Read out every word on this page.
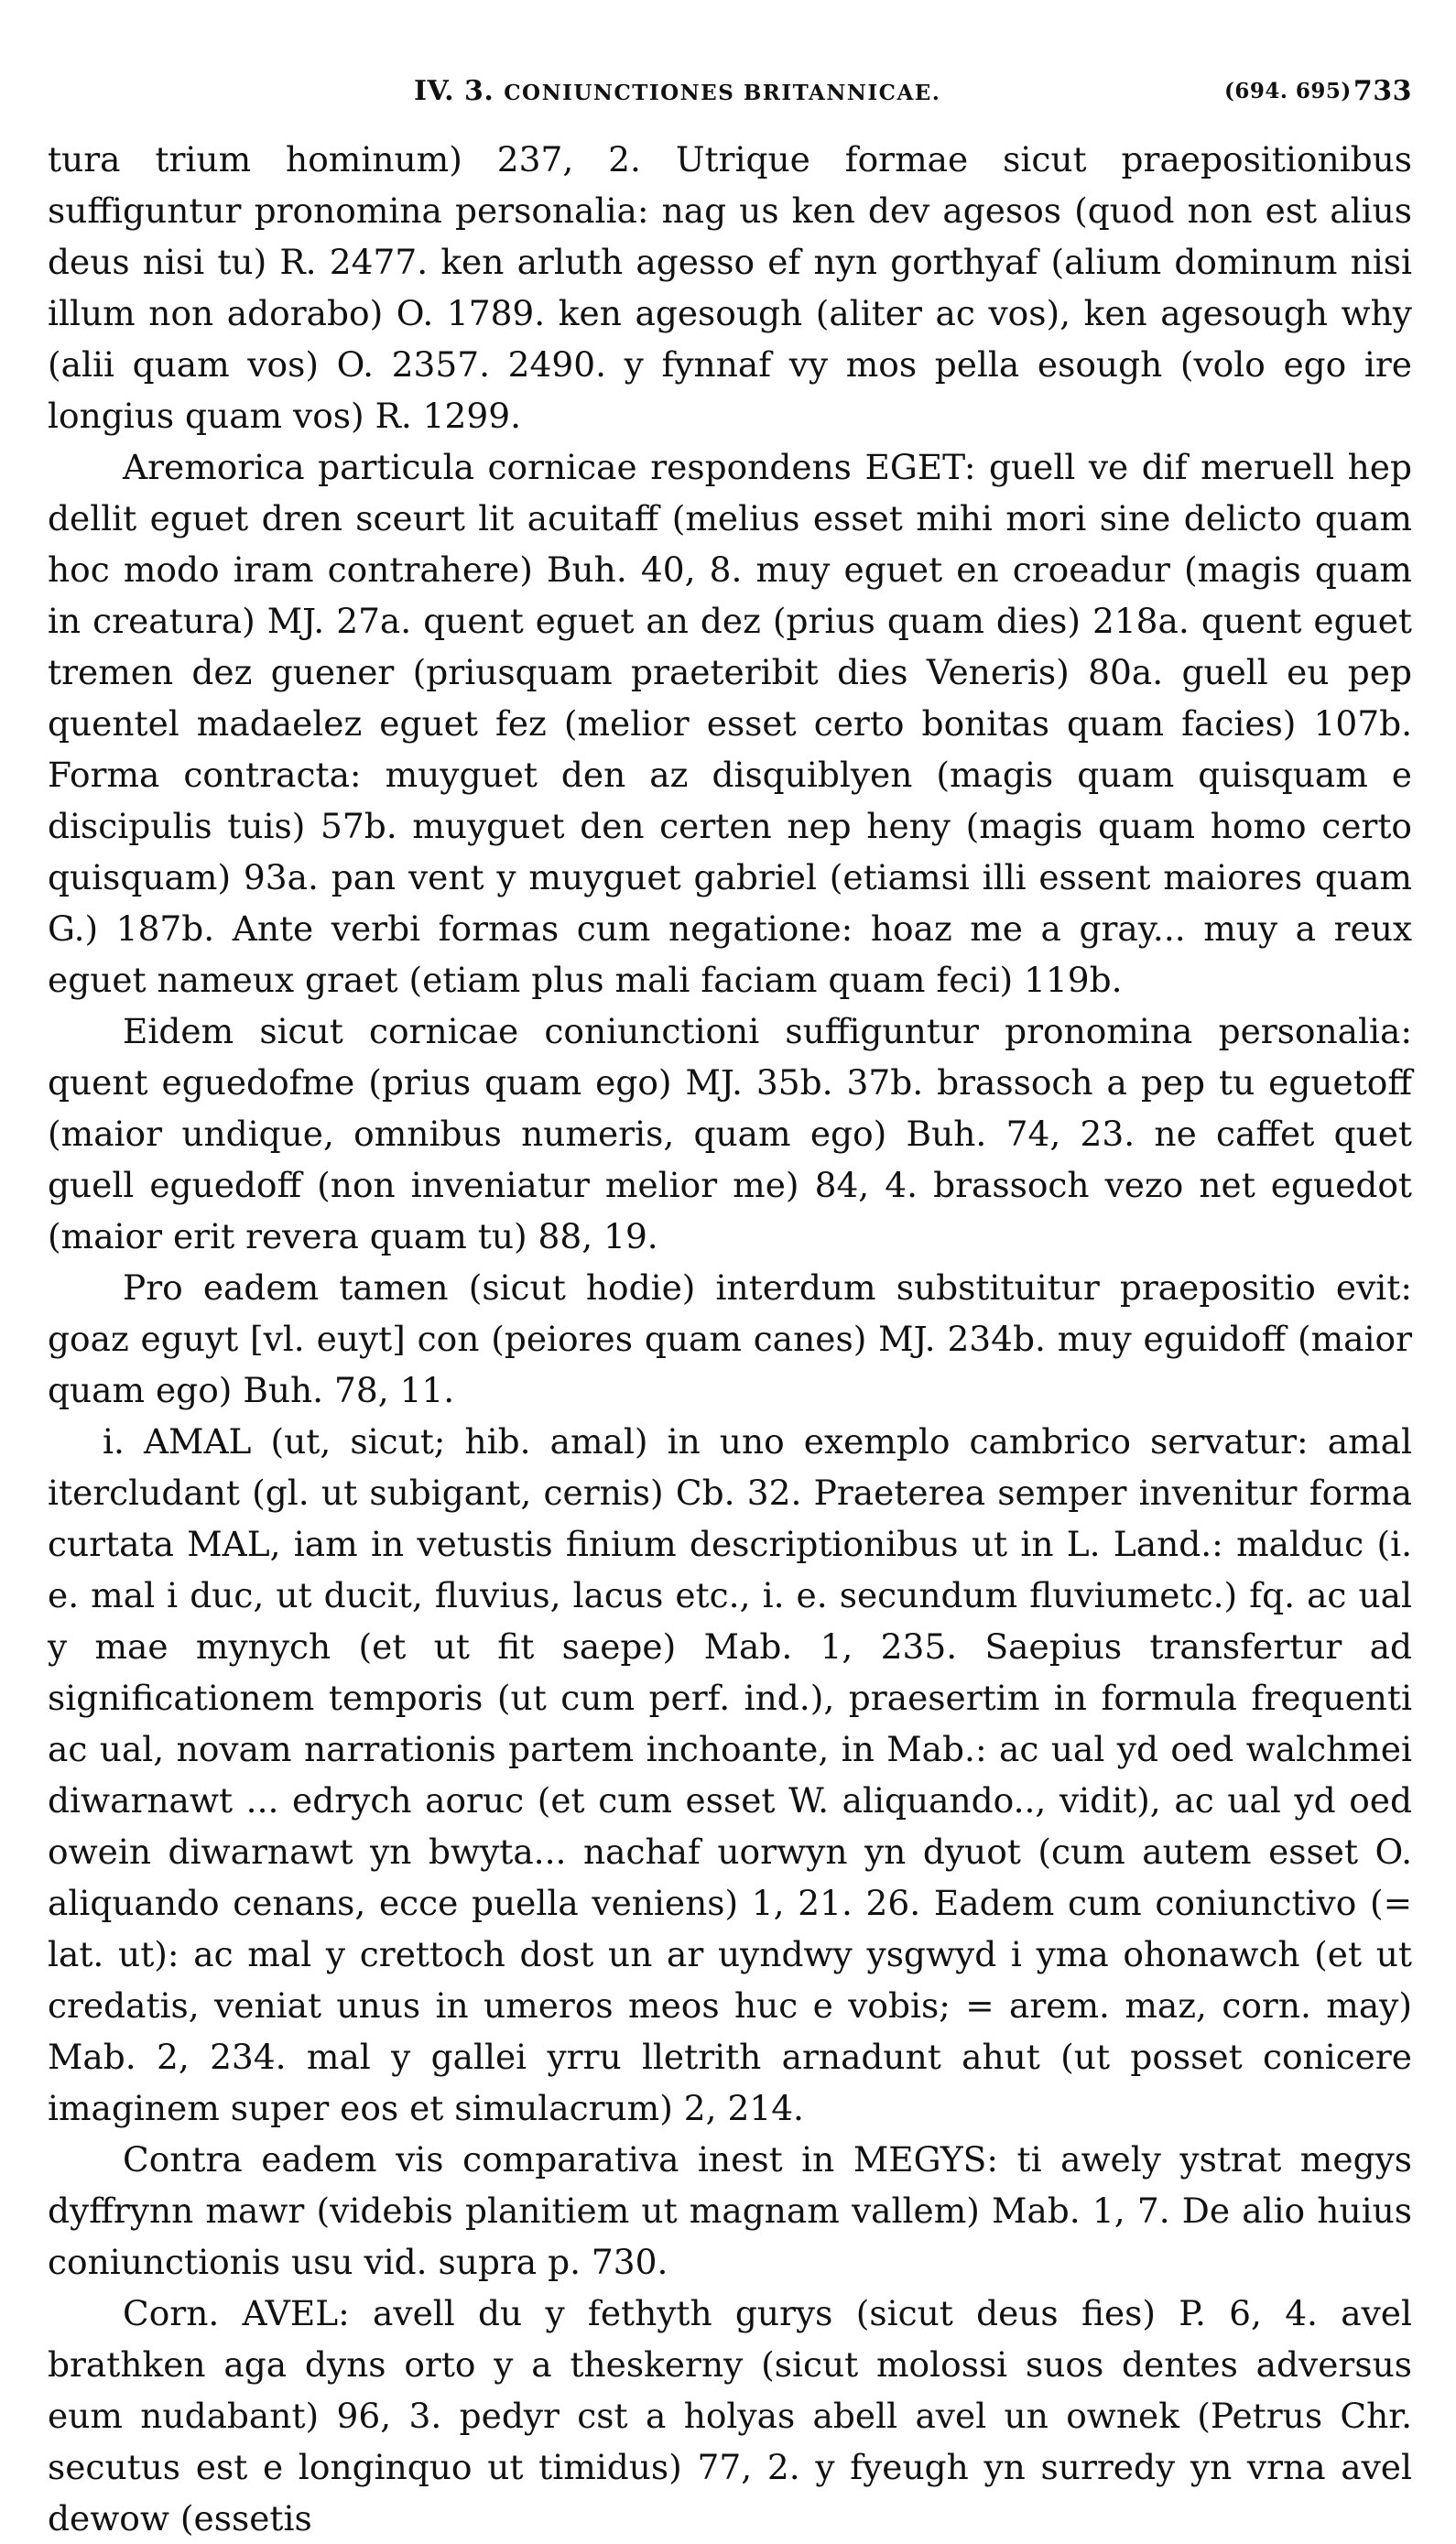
IV. 3. CONIUNCTIONES BRITANNICAE.	(694. 695) 733

tura trium hominum) 237, 2. Utrique formae sicut praepositionibus suffiguntur pronomina personalia: nag us ken dev agesos (quod non est alius deus nisi tu) R. 2477. ken arluth agesso ef nyn gorthyaf (alium dominum nisi illum non adorabo) O. 1789. ken agesough (aliter ac vos), ken agesough why (alii quam vos) O. 2357. 2490. y fynnaf vy mos pella esough (volo ego ire longius quam vos) R. 1299.

Aremorica particula cornicae respondens EGET: guell ve dif meruell hep dellit eguet dren sceurt lit acuitaff (melius esset mihi mori sine delicto quam hoc modo iram contrahere) Buh. 40, 8. muy eguet en croeadur (magis quam in creatura) MJ. 27a. quent eguet an dez (prius quam dies) 218a. quent eguet tremen dez guener (priusquam praeteribit dies Veneris) 80a. guell eu pep quentel madaelez eguet fez (melior esset certo bonitas quam facies) 107b. Forma contracta: muyguet den az disquiblyen (magis quam quisquam e discipulis tuis) 57b. muyguet den certen nep heny (magis quam homo certo quisquam) 93a. pan vent y muyguet gabriel (etiamsi illi essent maiores quam G.) 187b. Ante verbi formas cum negatione: hoaz me a gray... muy a reux eguet nameux graet (etiam plus mali faciam quam feci) 119b.

Eidem sicut cornicae coniunctioni suffiguntur pronomina personalia: quent eguedofme (prius quam ego) MJ. 35b. 37b. brassoch a pep tu eguetoff (maior undique, omnibus numeris, quam ego) Buh. 74, 23. ne caffet quet guell eguedoff (non inveniatur melior me) 84, 4. brassoch vezo net eguedot (maior erit revera quam tu) 88, 19.

Pro eadem tamen (sicut hodie) interdum substituitur praepositio evit: goaz eguyt [vl. euyt] con (peiores quam canes) MJ. 234b. muy eguidoff (maior quam ego) Buh. 78, 11.

i. AMAL (ut, sicut; hib. amal) in uno exemplo cambrico servatur: amal itercludant (gl. ut subigant, cernis) Cb. 32. Praeterea semper invenitur forma curtata MAL, iam in vetustis finium descriptionibus ut in L. Land.: malduc (i. e. mal i duc, ut ducit, fluvius, lacus etc., i. e. secundum fluviumetc.) fq. ac ual y mae mynych (et ut fit saepe) Mab. 1, 235. Saepius transfertur ad significationem temporis (ut cum perf. ind.), praesertim in formula frequenti ac ual, novam narrationis partem inchoante, in Mab.: ac ual yd oed walchmei diwarnawt ... edrych aoruc (et cum esset W. aliquando.., vidit), ac ual yd oed owein diwarnawt yn bwyta... nachaf uorwyn yn dyuot (cum autem esset O. aliquando cenans, ecce puella veniens) 1, 21. 26. Eadem cum coniunctivo (= lat. ut): ac mal y crettoch dost un ar uyndwy ysgwyd i yma ohonawch (et ut credatis, veniat unus in umeros meos huc e vobis; = arem. maz, corn. may) Mab. 2, 234. mal y gallei yrru lletrith arnadunt ahut (ut posset conicere imaginem super eos et simulacrum) 2, 214.

Contra eadem vis comparativa inest in MEGYS: ti awely ystrat megys dyffrynn mawr (videbis planitiem ut magnam vallem) Mab. 1, 7. De alio huius coniunctionis usu vid. supra p. 730.

Corn. AVEL: avell du y fethyth gurys (sicut deus fies) P. 6, 4. avel brathken aga dyns orto y a theskerny (sicut molossi suos dentes adversus eum nudabant) 96, 3. pedyr cst a holyas abell avel un ownek (Petrus Chr. secutus est e longinquo ut timidus) 77, 2. y fyeugh yn surredy yn vrna avel dewow (essetis
